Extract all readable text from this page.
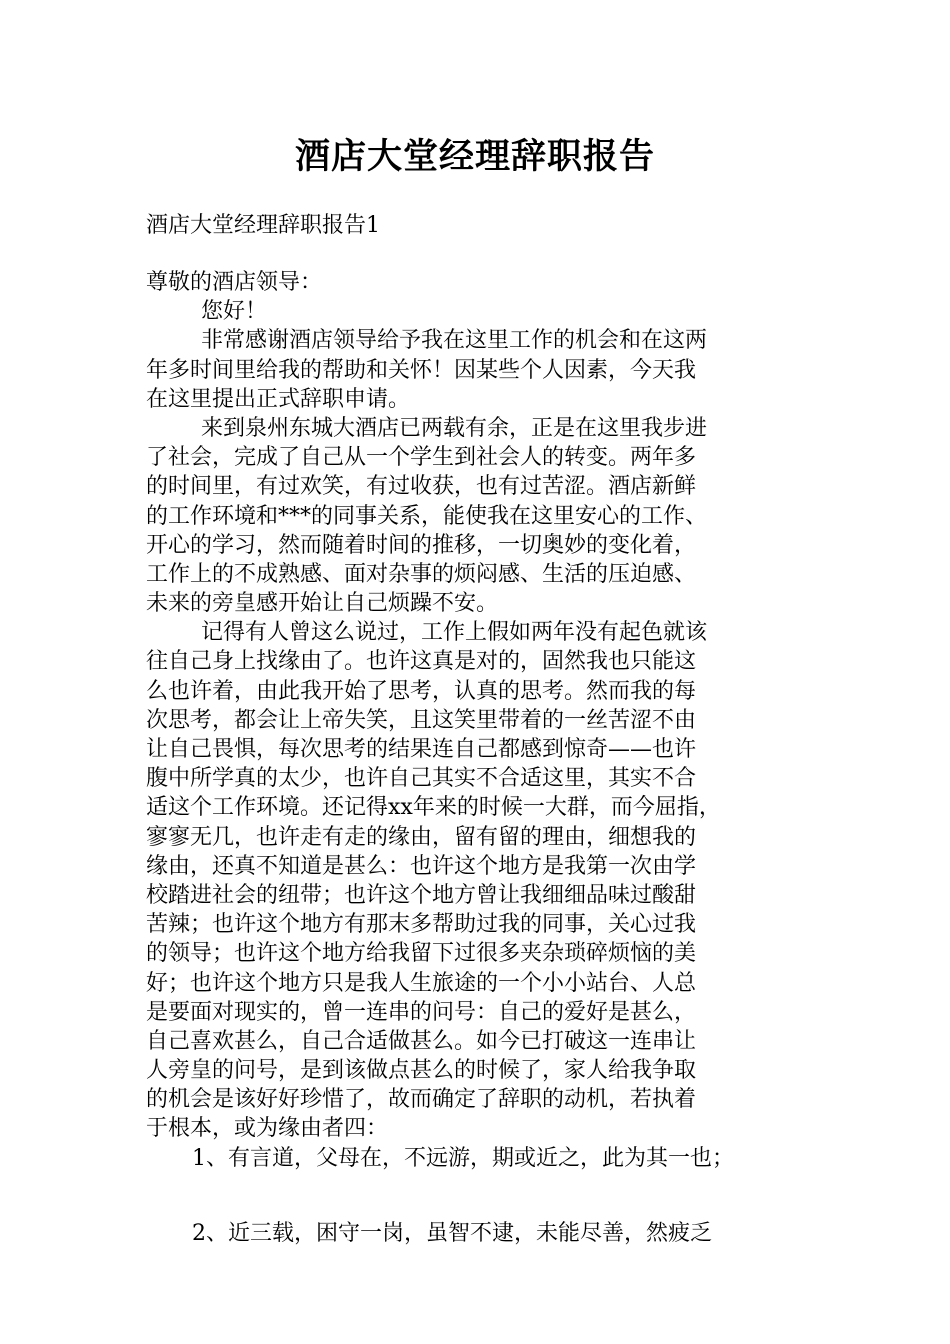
酒店大堂经理辞职报告

酒店大堂经理辞职报告1

尊敬的酒店领导：
您好！
非常感谢酒店领导给予我在这里工作的机会和在这两
年多时间里给我的帮助和关怀！因某些个人因素，今天我
在这里提出正式辞职申请。
来到泉州东城大酒店已两载有余，正是在这里我步进
了社会，完成了自己从一个学生到社会人的转变。两年多
的时间里，有过欢笑，有过收获，也有过苦涩。酒店新鲜
的工作环境和***的同事关系，能使我在这里安心的工作、
开心的学习，然而随着时间的推移，一切奥妙的变化着，
工作上的不成熟感、面对杂事的烦闷感、生活的压迫感、
未来的旁皇感开始让自己烦躁不安。
记得有人曾这么说过，工作上假如两年没有起色就该
往自己身上找缘由了。也许这真是对的，固然我也只能这
么也许着，由此我开始了思考，认真的思考。然而我的每
次思考，都会让上帝失笑，且这笑里带着的一丝苦涩不由
让自己畏惧，每次思考的结果连自己都感到惊奇——也许
腹中所学真的太少，也许自己其实不合适这里，其实不合
适这个工作环境。还记得xx年来的时候一大群，而今屈指，
寥寥无几，也许走有走的缘由，留有留的理由，细想我的
缘由，还真不知道是甚么：也许这个地方是我第一次由学
校踏进社会的纽带；也许这个地方曾让我细细品味过酸甜
苦辣；也许这个地方有那末多帮助过我的同事，关心过我
的领导；也许这个地方给我留下过很多夹杂琐碎烦恼的美
好；也许这个地方只是我人生旅途的一个小小站台、人总
是要面对现实的，曾一连串的问号：自己的爱好是甚么，
自己喜欢甚么，自己合适做甚么。如今已打破这一连串让
人旁皇的问号，是到该做点甚么的时候了，家人给我争取
的机会是该好好珍惜了，故而确定了辞职的动机，若执着
于根本，或为缘由者四：
1、有言道，父母在，不远游，期或近之，此为其一也；
2、近三载，困守一岗，虽智不逮，未能尽善，然疲乏
